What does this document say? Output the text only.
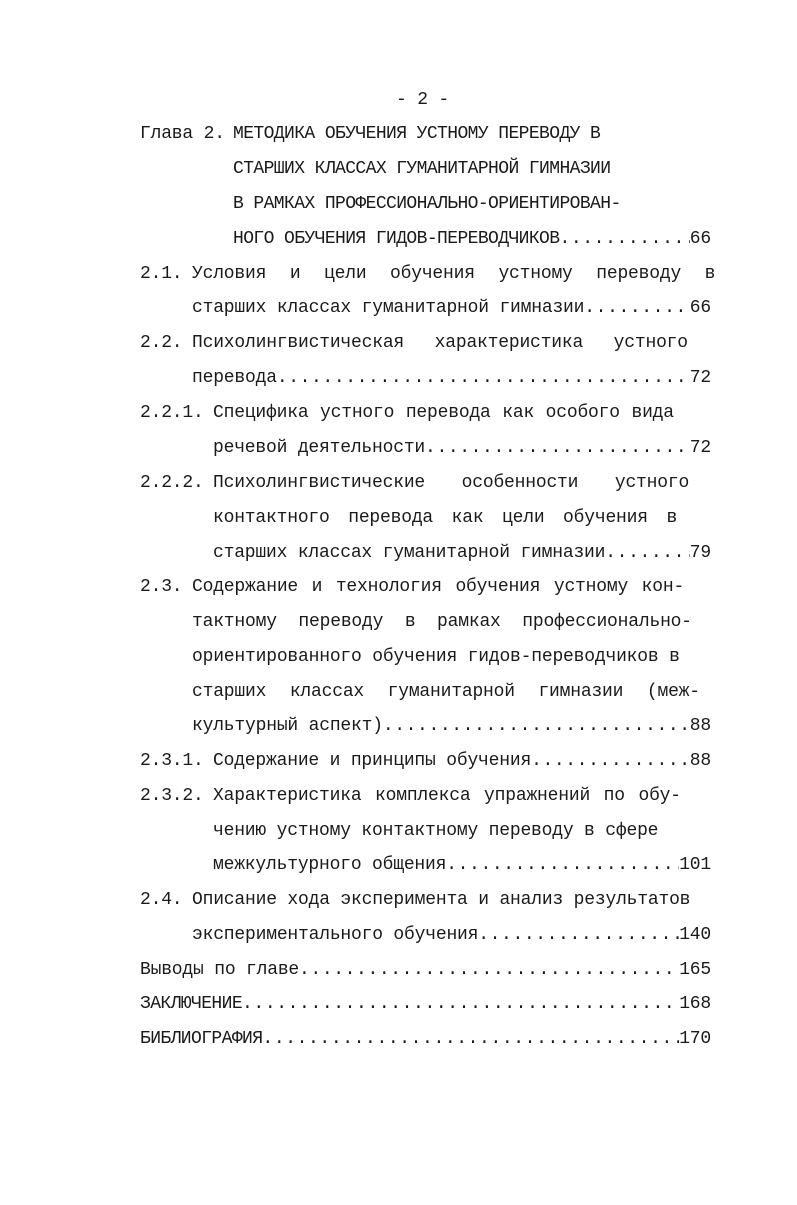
- 2 -
Глава 2. МЕТОДИКА ОБУЧЕНИЯ УСТНОМУ ПЕРЕВОДУ В
СТАРШИХ КЛАССАХ ГУМАНИТАРНОЙ ГИМНАЗИИ
В РАМКАХ ПРОФЕССИОНАЛЬНО-ОРИЕНТИРОВАН-
НОГО ОБУЧЕНИЯ ГИДОВ-ПЕРЕВОДЧИКОВ .....	66
2.1. Условия и цели обучения устному переводу в
старших классах гуманитарной гимназии .....	66
2.2. Психолингвистическая характеристика устного
перевода .....	72
2.2.1. Специфика устного перевода как особого вида
речевой деятельности .....	72
2.2.2. Психолингвистические особенности устного
контактного перевода как цели обучения в
старших классах гуманитарной гимназии .....	79
2.3. Содержание и технология обучения устному кон-
тактному переводу в рамках профессионально-
ориентированного обучения гидов-переводчиков в
старших классах гуманитарной гимназии (меж-
культурный аспект) .....	88
2.3.1. Содержание и принципы обучения .....	88
2.3.2. Характеристика комплекса упражнений по обу-
чению устному контактному переводу в сфере
межкультурного общения .....	101
2.4. Описание хода эксперимента и анализ результатов
экспериментального обучения .....	140
Выводы по главе .....	165
ЗАКЛЮЧЕНИЕ .....	168
БИБЛИОГРАФИЯ .....	170
